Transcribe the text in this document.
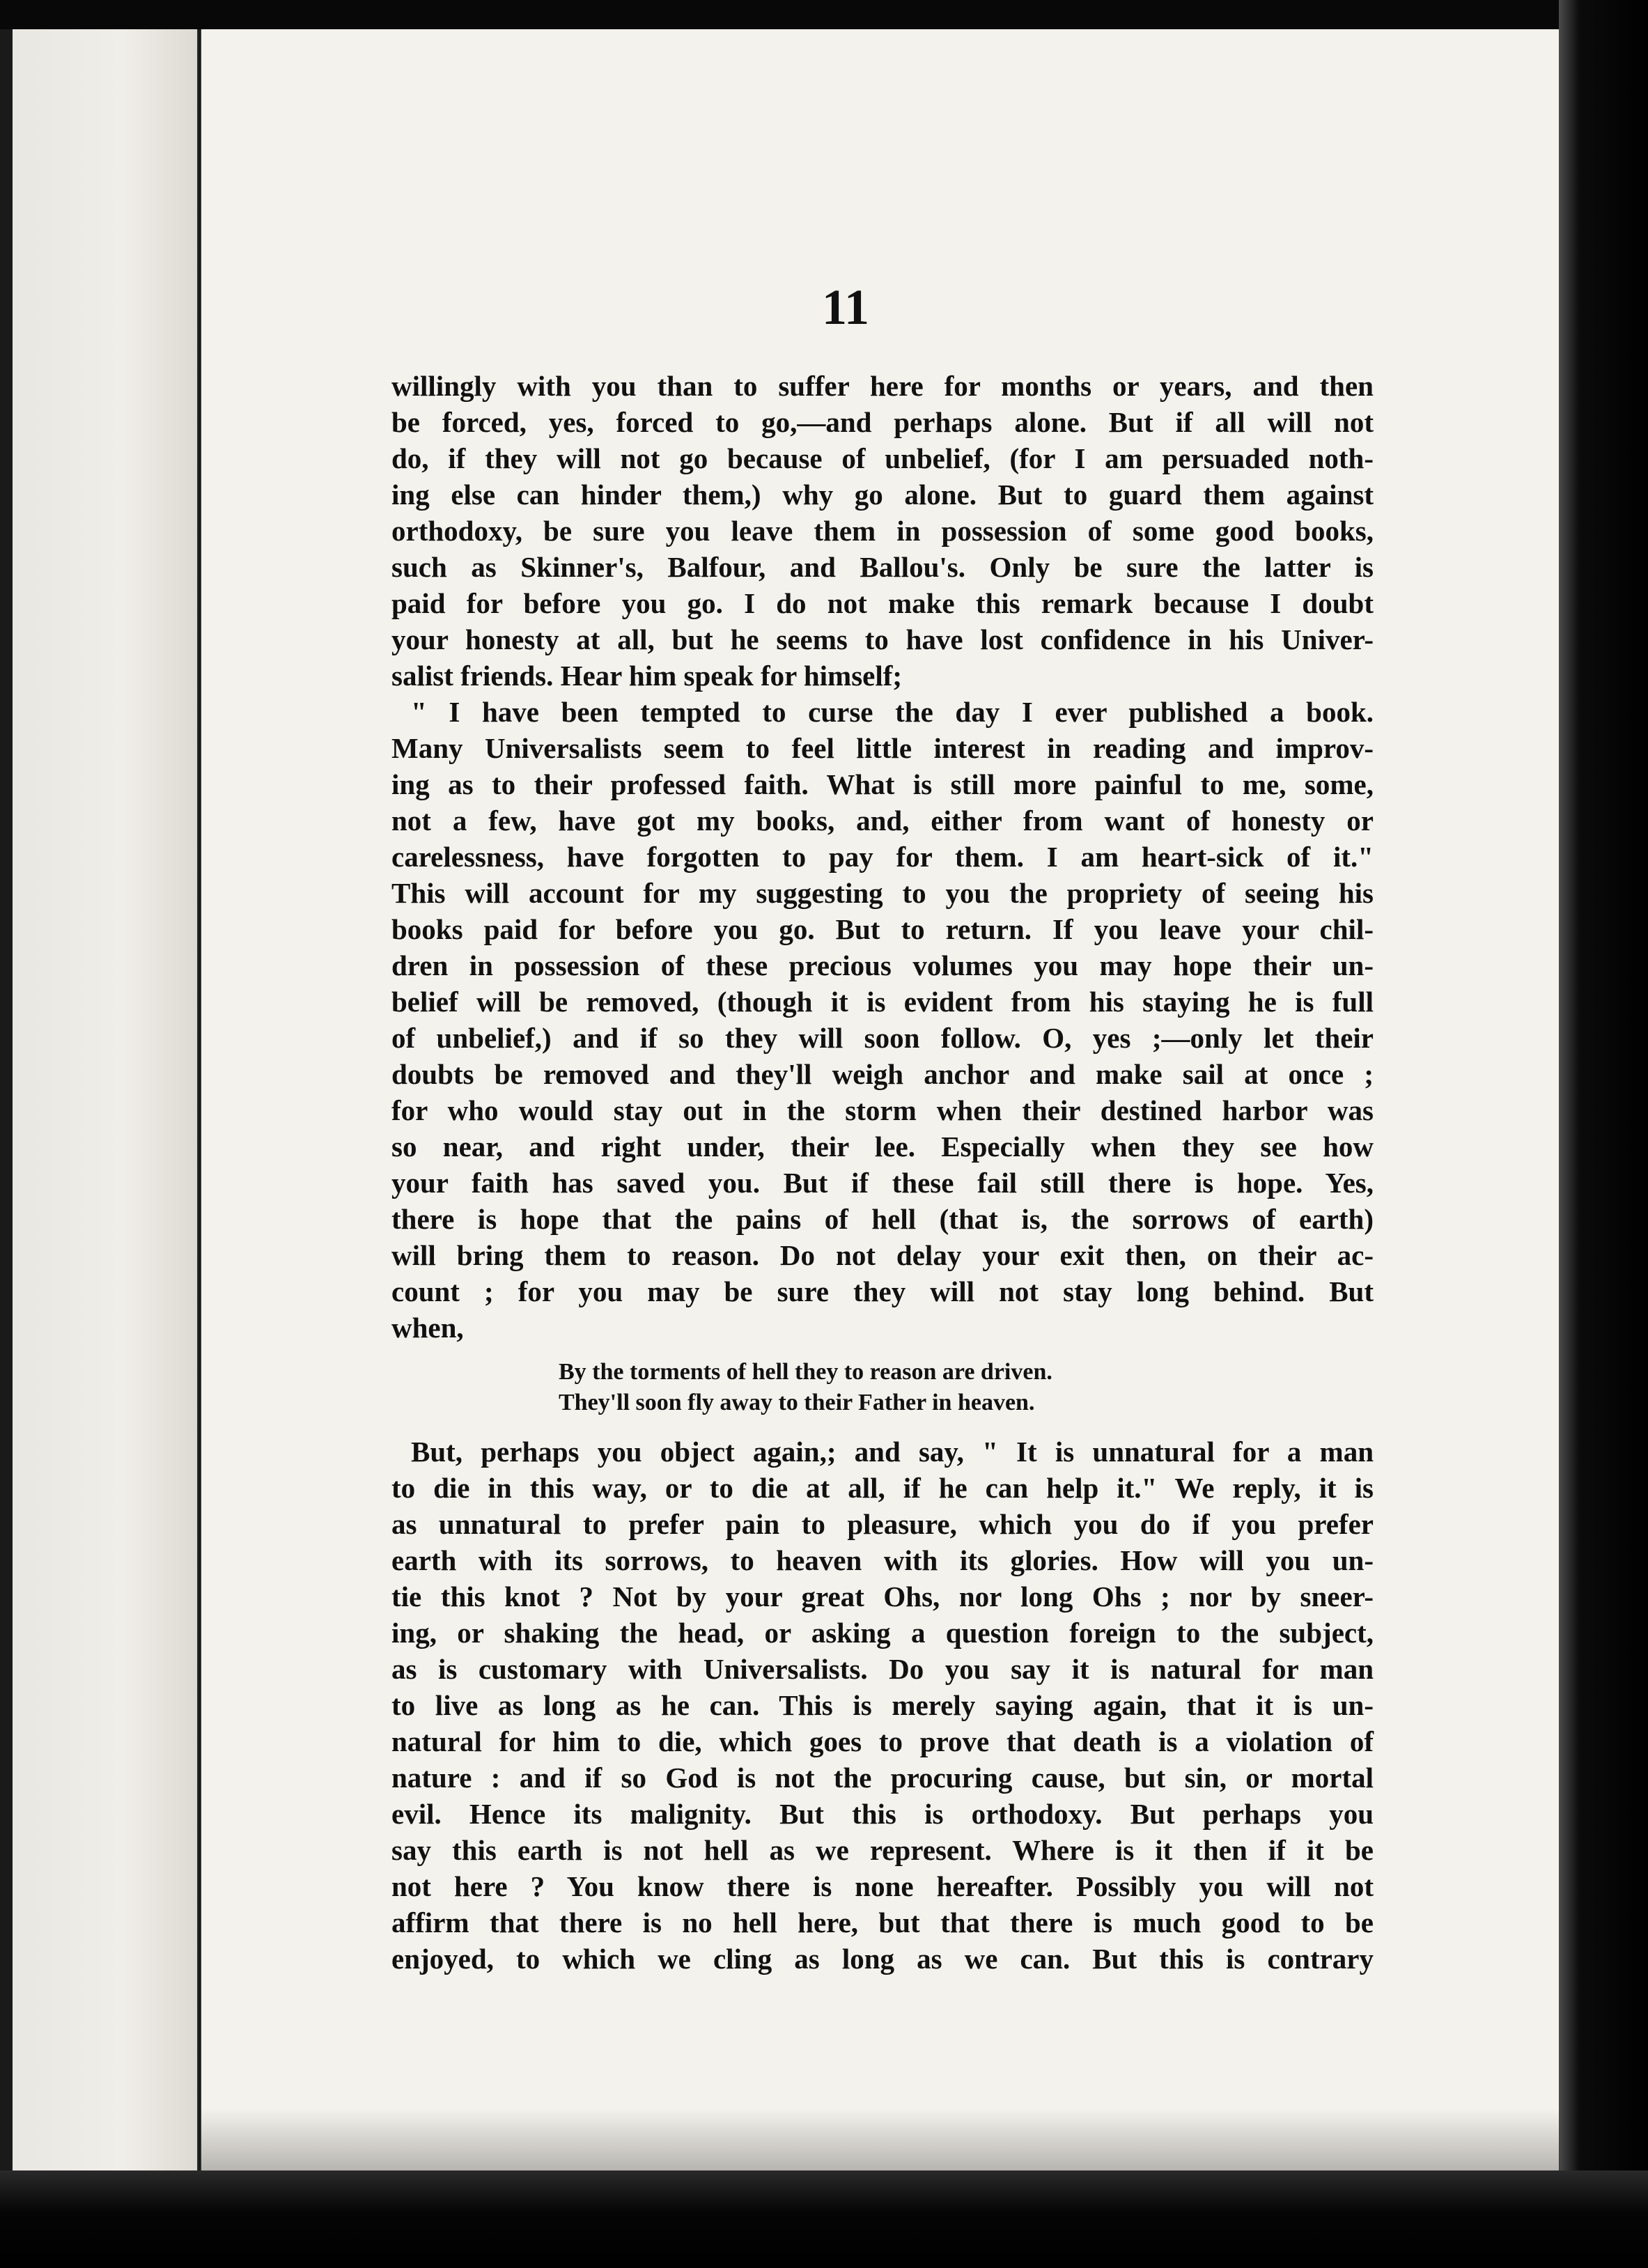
11
willingly with you than to suffer here for months or years, and then
be forced, yes, forced to go,—and perhaps alone. But if all will not
do, if they will not go because of unbelief, (for I am persuaded noth-
ing else can hinder them,) why go alone. But to guard them against
orthodoxy, be sure you leave them in possession of some good books,
such as Skinner's, Balfour, and Ballou's. Only be sure the latter is
paid for before you go. I do not make this remark because I doubt
your honesty at all, but he seems to have lost confidence in his Univer-
salist friends. Hear him speak for himself;
" I have been tempted to curse the day I ever published a book.
Many Universalists seem to feel little interest in reading and improv-
ing as to their professed faith. What is still more painful to me, some,
not a few, have got my books, and, either from want of honesty or
carelessness, have forgotten to pay for them. I am heart-sick of it."
This will account for my suggesting to you the propriety of seeing his
books paid for before you go. But to return. If you leave your chil-
dren in possession of these precious volumes you may hope their un-
belief will be removed, (though it is evident from his staying he is full
of unbelief,) and if so they will soon follow. O, yes ;—only let their
doubts be removed and they'll weigh anchor and make sail at once ;
for who would stay out in the storm when their destined harbor was
so near, and right under, their lee. Especially when they see how
your faith has saved you. But if these fail still there is hope. Yes,
there is hope that the pains of hell (that is, the sorrows of earth)
will bring them to reason. Do not delay your exit then, on their ac-
count ; for you may be sure they will not stay long behind. But
when,
By the torments of hell they to reason are driven.
They'll soon fly away to their Father in heaven.
But, perhaps you object again,; and say, " It is unnatural for a man
to die in this way, or to die at all, if he can help it." We reply, it is
as unnatural to prefer pain to pleasure, which you do if you prefer
earth with its sorrows, to heaven with its glories. How will you un-
tie this knot ? Not by your great Ohs, nor long Ohs ; nor by sneer-
ing, or shaking the head, or asking a question foreign to the subject,
as is customary with Universalists. Do you say it is natural for man
to live as long as he can. This is merely saying again, that it is un-
natural for him to die, which goes to prove that death is a violation of
nature : and if so God is not the procuring cause, but sin, or mortal
evil. Hence its malignity. But this is orthodoxy. But perhaps you
say this earth is not hell as we represent. Where is it then if it be
not here ? You know there is none hereafter. Possibly you will not
affirm that there is no hell here, but that there is much good to be
enjoyed, to which we cling as long as we can. But this is contrary
